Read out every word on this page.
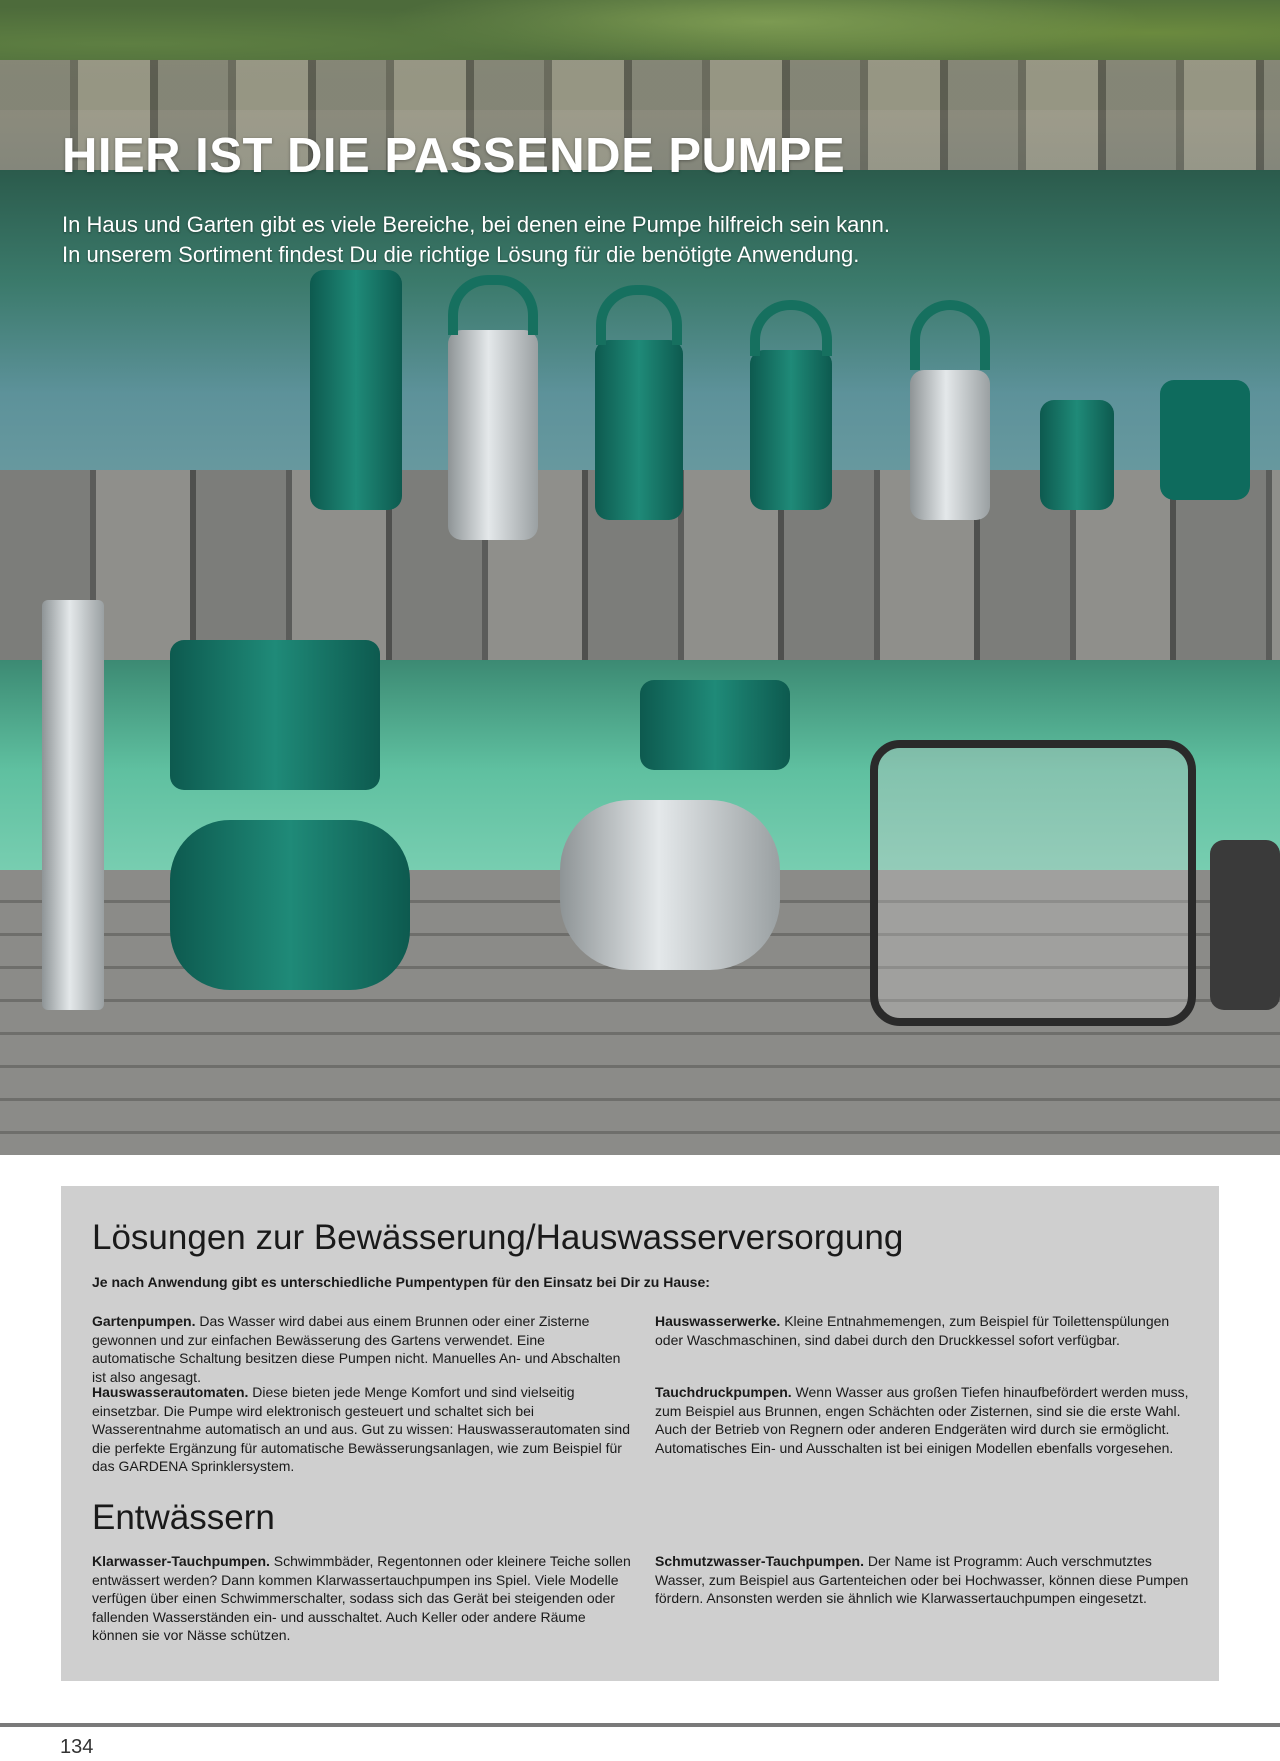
HIER IST DIE PASSENDE PUMPE

In Haus und Garten gibt es viele Bereiche, bei denen eine Pumpe hilfreich sein kann.

In unserem Sortiment findest Du die richtige Lösung für die benötigte Anwendung.

Lösungen zur Bewässerung/Hauswasserversorgung
Je nach Anwendung gibt es unterschiedliche Pumpentypen für den Einsatz bei Dir zu Hause:

Gartenpumpen. Das Wasser wird dabei aus einem Brunnen oder einer Zisterne gewonnen und zur einfachen Bewässerung des Gartens verwendet. Eine automatische Schaltung besitzen diese Pumpen nicht. Manuelles An- und Abschalten ist also angesagt.

Hauswasserwerke. Kleine Entnahmemengen, zum Beispiel für Toilettenspülungen oder Waschmaschinen, sind dabei durch den Druckkessel sofort verfügbar.

Hauswasserautomaten. Diese bieten jede Menge Komfort und sind vielseitig einsetzbar. Die Pumpe wird elektronisch gesteuert und schaltet sich bei Wasserentnahme automatisch an und aus. Gut zu wissen: Hauswasserautomaten sind die perfekte Ergänzung für automatische Bewässerungsanlagen, wie zum Beispiel für das GARDENA Sprinklersystem.

Tauchdruckpumpen. Wenn Wasser aus großen Tiefen hinaufbefördert werden muss, zum Beispiel aus Brunnen, engen Schächten oder Zisternen, sind sie die erste Wahl. Auch der Betrieb von Regnern oder anderen Endgeräten wird durch sie ermöglicht. Automatisches Ein- und Ausschalten ist bei einigen Modellen ebenfalls vorgesehen.

Entwässern

Klarwasser-Tauchpumpen. Schwimmbäder, Regentonnen oder kleinere Teiche sollen entwässert werden? Dann kommen Klarwassertauchpumpen ins Spiel. Viele Modelle verfügen über einen Schwimmerschalter, sodass sich das Gerät bei steigenden oder fallenden Wasserständen ein- und ausschaltet. Auch Keller oder andere Räume können sie vor Nässe schützen.

Schmutzwasser-Tauchpumpen. Der Name ist Programm: Auch verschmutztes Wasser, zum Beispiel aus Gartenteichen oder bei Hochwasser, können diese Pumpen fördern. Ansonsten werden sie ähnlich wie Klarwassertauchpumpen eingesetzt.

134
